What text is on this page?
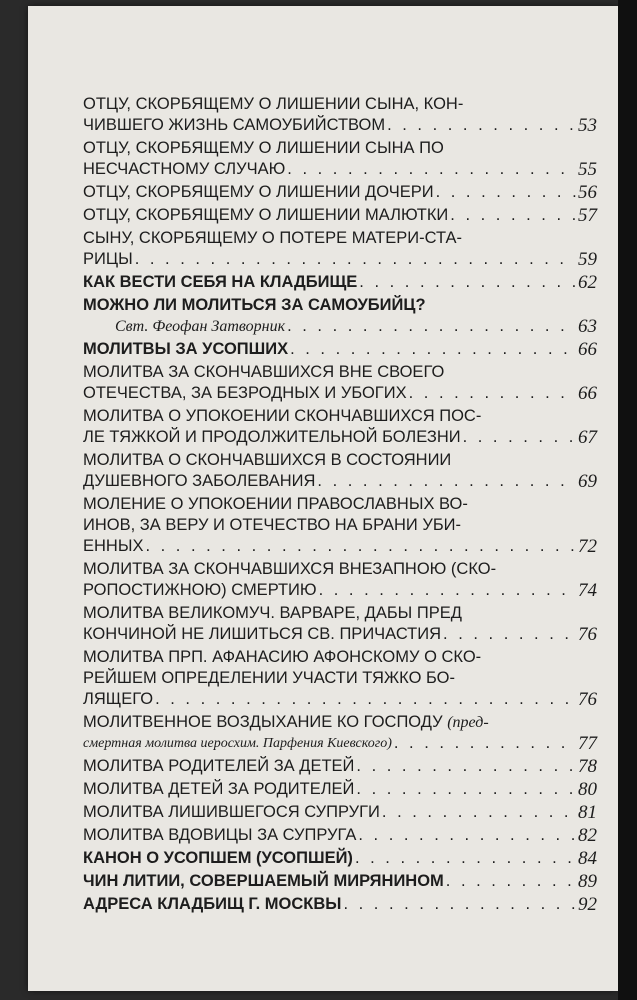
ОТЦУ, СКОРБЯЩЕМУ О ЛИШЕНИИ СЫНА, КОН-
ЧИВШЕГО ЖИЗНЬ САМОУБИЙСТВОМ . . .	53
ОТЦУ, СКОРБЯЩЕМУ О ЛИШЕНИИ СЫНА ПО
НЕСЧАСТНОМУ СЛУЧАЮ . . .	55
ОТЦУ, СКОРБЯЩЕМУ О ЛИШЕНИИ ДОЧЕРИ . . .	56
ОТЦУ, СКОРБЯЩЕМУ О ЛИШЕНИИ МАЛЮТКИ . . .	57
СЫНУ, СКОРБЯЩЕМУ О ПОТЕРЕ МАТЕРИ-СТА-
РИЦЫ . . .	59
КАК ВЕСТИ СЕБЯ НА КЛАДБИЩЕ . . .	62
МОЖНО ЛИ МОЛИТЬСЯ ЗА САМОУБИЙЦ?
Свт. Феофан Затворник . . .	63
МОЛИТВЫ ЗА УСОПШИХ . . .	66
МОЛИТВА ЗА СКОНЧАВШИХСЯ ВНЕ СВОЕГО
ОТЕЧЕСТВА, ЗА БЕЗРОДНЫХ И УБОГИХ . . .	66
МОЛИТВА О УПОКОЕНИИ СКОНЧАВШИХСЯ ПОС-
ЛЕ ТЯЖКОЙ И ПРОДОЛЖИТЕЛЬНОЙ БОЛЕЗНИ . . .	67
МОЛИТВА О СКОНЧАВШИХСЯ В СОСТОЯНИИ
ДУШЕВНОГО ЗАБОЛЕВАНИЯ . . .	69
МОЛЕНИЕ О УПОКОЕНИИ ПРАВОСЛАВНЫХ ВО-
ИНОВ, ЗА ВЕРУ И ОТЕЧЕСТВО НА БРАНИ УБИ-
ЕННЫХ . . .	72
МОЛИТВА ЗА СКОНЧАВШИХСЯ ВНЕЗАПНОЮ (СКО-
РОПОСТИЖНОЮ) СМЕРТИЮ . . .	74
МОЛИТВА ВЕЛИКОМУЧ. ВАРВАРЕ, ДАБЫ ПРЕД
КОНЧИНОЙ НЕ ЛИШИТЬСЯ СВ. ПРИЧАСТИЯ . . .	76
МОЛИТВА ПРП. АФАНАСИЮ АФОНСКОМУ О СКО-
РЕЙШЕМ ОПРЕДЕЛЕНИИ УЧАСТИ ТЯЖКО БО-
ЛЯЩЕГО . . .	76
МОЛИТВЕННОЕ ВОЗДЫХАНИЕ КО ГОСПОДУ (пред-
смертная молитва иеросхим. Парфения Киевского) . . .	77
МОЛИТВА РОДИТЕЛЕЙ ЗА ДЕТЕЙ . . .	78
МОЛИТВА ДЕТЕЙ ЗА РОДИТЕЛЕЙ . . .	80
МОЛИТВА ЛИШИВШЕГОСЯ СУПРУГИ . . .	81
МОЛИТВА ВДОВИЦЫ ЗА СУПРУГА . . .	82
КАНОН О УСОПШЕМ (УСОПШЕЙ) . . .	84
ЧИН ЛИТИИ, СОВЕРШАЕМЫЙ МИРЯНИНОМ . . .	89
АДРЕСА КЛАДБИЩ Г. МОСКВЫ . . .	92
